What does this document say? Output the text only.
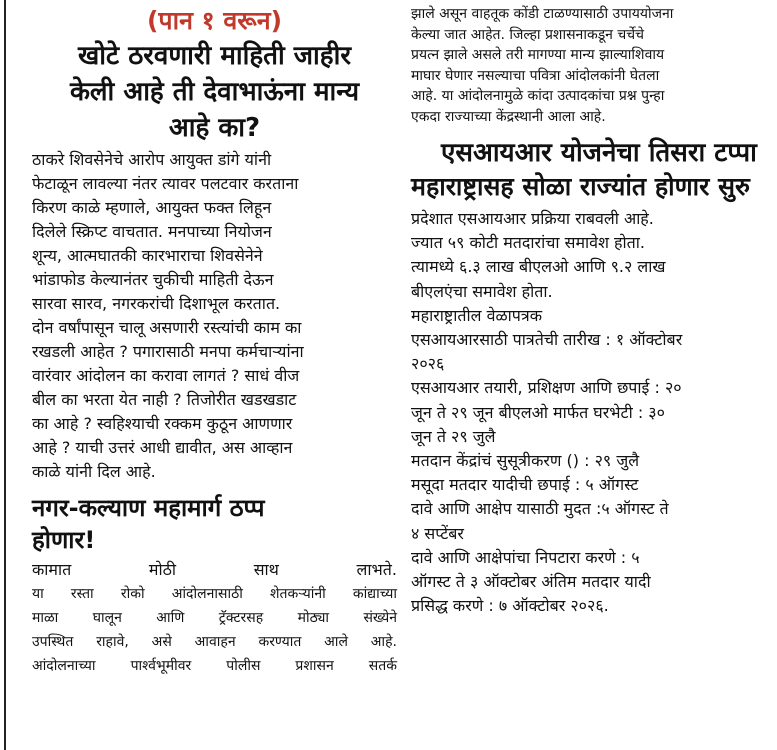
(पान १ वरून)

खोटे ठरवणारी माहिती जाहीर

केली आहे ती देवाभाऊंना मान्य

आहे का?

ठाकरे शिवसेनेचे आरोप आयुक्त डांगे यांनी

फेटाळून लावल्या नंतर त्यावर पलटवार करताना

किरण काळे म्हणाले, आयुक्त फक्त लिहून

दिलेले स्क्रिप्ट वाचतात. मनपाच्या नियोजन

शून्य, आत्मघातकी कारभाराचा शिवसेनेने

भांडाफोड केल्यानंतर चुकीची माहिती देऊन

सारवा सारव, नगरकरांची दिशाभूल करतात.

दोन वर्षांपासून चालू असणारी रस्त्यांची काम का

रखडली आहेत ? पगारासाठी मनपा कर्मचाऱ्यांना

वारंवार आंदोलन का करावा लागतं ? साधं वीज

बील का भरता येत नाही ? तिजोरीत खडखडाट

का आहे ? स्वहिश्याची रक्कम कुठून आणणार

आहे ? याची उत्तरं आधी द्यावीत, अस आव्हान

काळे यांनी दिल आहे.

नगर-कल्याण महामार्ग ठप्प

होणार!

कामात मोठी साथ लाभते.

या रस्ता रोको आंदोलनासाठी शेतकऱ्यांनी कांद्याच्या

माळा घालून आणि ट्रॅक्टरसह मोठ्या संख्येने

उपस्थित राहावे, असे आवाहन करण्यात आले आहे.

आंदोलनाच्या पार्श्वभूमीवर पोलीस प्रशासन सतर्क

झाले असून वाहतूक कोंडी टाळण्यासाठी उपाययोजना

केल्या जात आहेत. जिल्हा प्रशासनाकडून चर्चेचे

प्रयत्न झाले असले तरी मागण्या मान्य झाल्याशिवाय

माघार घेणार नसल्याचा पवित्रा आंदोलकांनी घेतला

आहे. या आंदोलनामुळे कांदा उत्पादकांचा प्रश्न पुन्हा

एकदा राज्याच्या केंद्रस्थानी आला आहे.

एसआयआर योजनेचा तिसरा टप्पा

महाराष्ट्रासह सोळा राज्यांत होणार सुरु

प्रदेशात एसआयआर प्रक्रिया राबवली आहे.
ज्यात ५९ कोटी मतदारांचा समावेश होता.
त्यामध्ये ६.३ लाख बीएलओ आणि ९.२ लाख
बीएलएंचा समावेश होता.
महाराष्ट्रातील वेळापत्रक
एसआयआरसाठी पात्रतेची तारीख : १ ऑक्टोबर
२०२६
एसआयआर तयारी, प्रशिक्षण आणि छपाई : २०
जून ते २९ जून बीएलओ मार्फत घरभेटी : ३०
जून ते २९ जुलै
मतदान केंद्रांचं सुसूत्रीकरण () : २९ जुलै
मसूदा मतदार यादीची छपाई : ५ ऑगस्ट
दावे आणि आक्षेप यासाठी मुदत :५ ऑगस्ट ते
४ सप्टेंबर
दावे आणि आक्षेपांचा निपटारा करणे : ५
ऑगस्ट ते ३ ऑक्टोबर अंतिम मतदार यादी
प्रसिद्ध करणे : ७ ऑक्टोबर २०२६.
